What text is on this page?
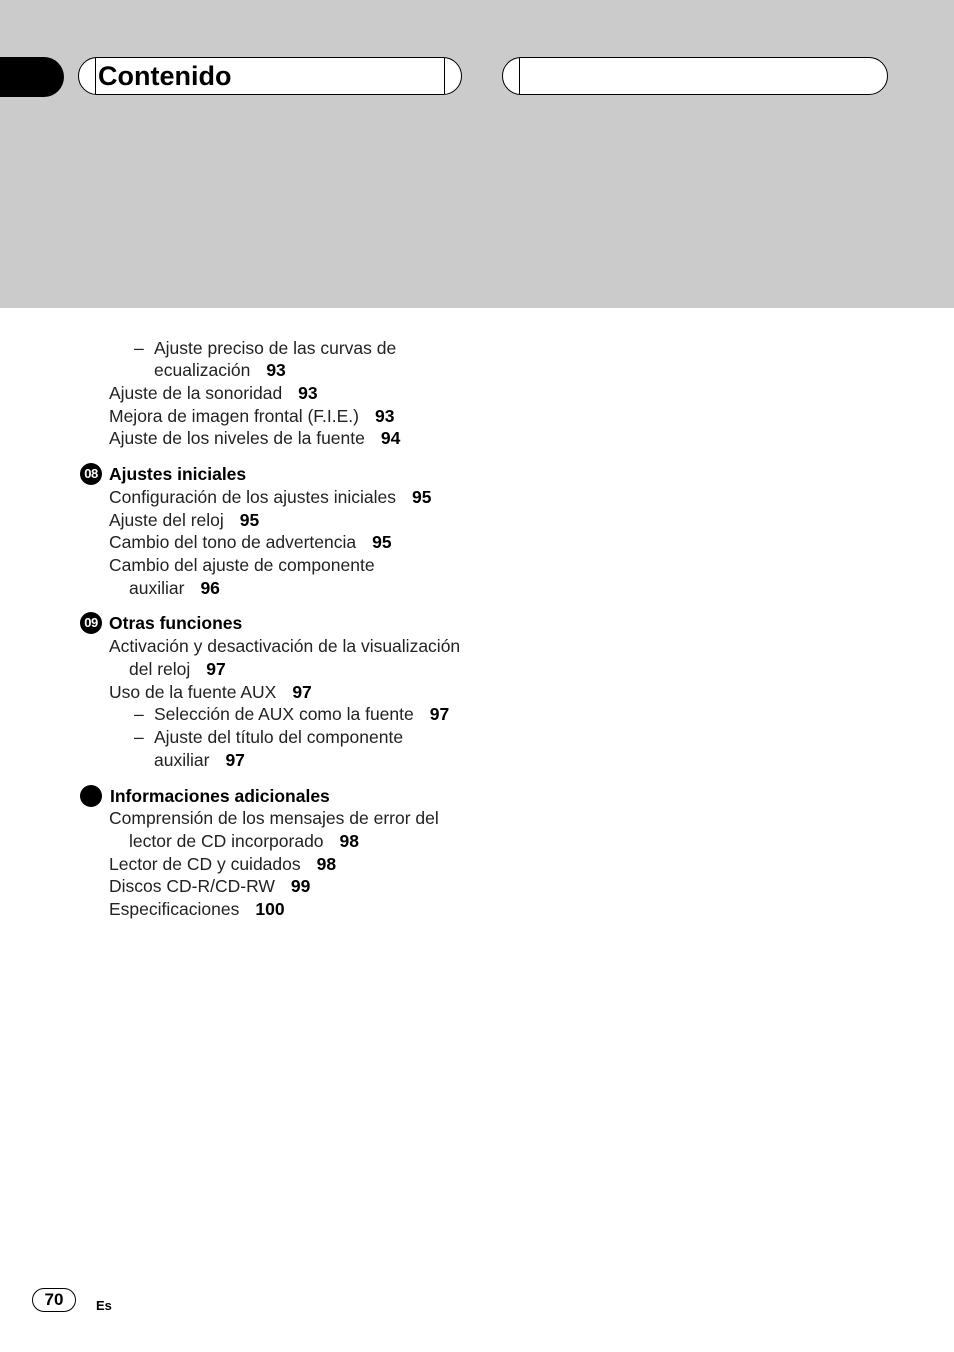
Contenido
– Ajuste preciso de las curvas de
ecualización 93
Ajuste de la sonoridad 93
Mejora de imagen frontal (F.I.E.) 93
Ajuste de los niveles de la fuente 94
08 Ajustes iniciales
Configuración de los ajustes iniciales 95
Ajuste del reloj 95
Cambio del tono de advertencia 95
Cambio del ajuste de componente
auxiliar 96
09 Otras funciones
Activación y desactivación de la visualización
del reloj 97
Uso de la fuente AUX 97
– Selección de AUX como la fuente 97
– Ajuste del título del componente
auxiliar 97
Informaciones adicionales
Comprensión de los mensajes de error del
lector de CD incorporado 98
Lector de CD y cuidados 98
Discos CD-R/CD-RW 99
Especificaciones 100
70	Es
